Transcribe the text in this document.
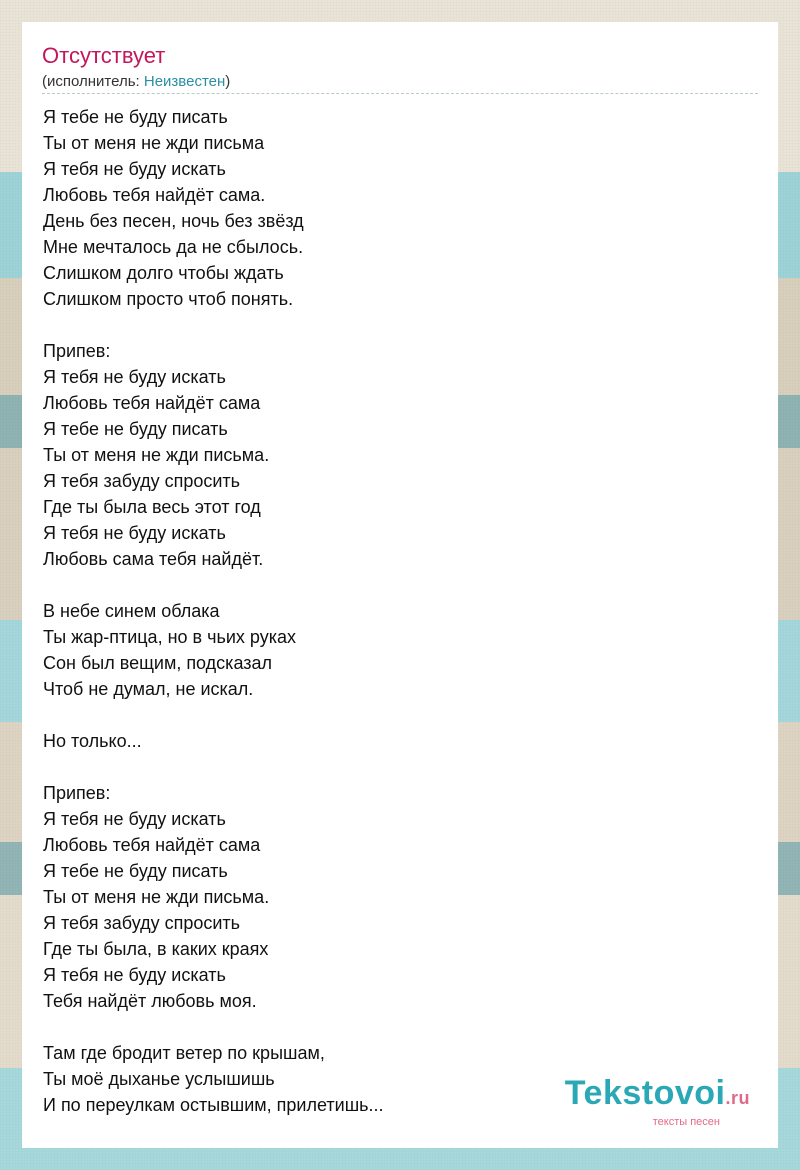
Отсутствует
(исполнитель: Неизвестен)
Я тебе не буду писать
Ты от меня не жди письма
Я тебя не буду искать
Любовь тебя найдёт сама.
День без песен, ночь без звёзд
Мне мечталось да не сбылось.
Слишком долго чтобы ждать
Слишком просто чтоб понять.
Припев:
Я тебя не буду искать
Любовь тебя найдёт сама
Я тебе не буду писать
Ты от меня не жди письма.
Я тебя забуду спросить
Где ты была весь этот год
Я тебя не буду искать
Любовь сама тебя найдёт.
В небе синем облака
Ты жар-птица, но в чьих руках
Сон был вещим, подсказал
Чтоб не думал, не искал.
Но только...
Припев:
Я тебя не буду искать
Любовь тебя найдёт сама
Я тебе не буду писать
Ты от меня не жди письма.
Я тебя забуду спросить
Где ты была, в каких краях
Я тебя не буду искать
Тебя найдёт любовь моя.
Там где бродит ветер по крышам,
Ты моё дыханье услышишь
И по переулкам остывшим, прилетишь...	Tekstovoi.ru
тексты песен
